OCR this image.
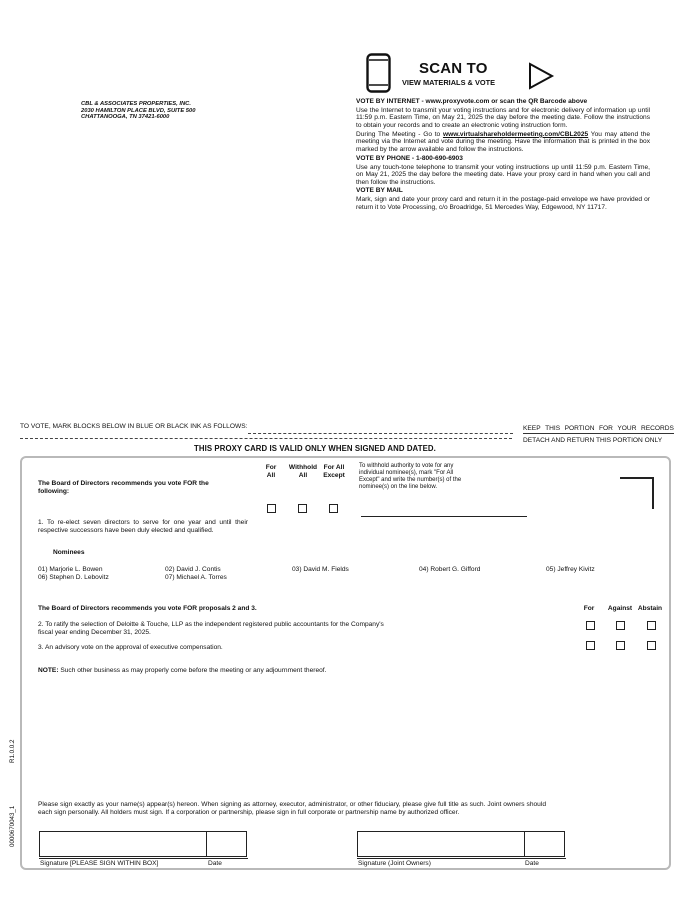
CBL & ASSOCIATES PROPERTIES, INC.
2030 HAMILTON PLACE BLVD, SUITE 500
CHATTANOOGA, TN 37421-6000
SCAN TO
VIEW MATERIALS & VOTE

VOTE BY INTERNET - www.proxyvote.com or scan the QR Barcode above

Use the Internet to transmit your voting instructions and for electronic delivery of information up until 11:59 p.m. Eastern Time, on May 21, 2025 the day before the meeting date. Follow the instructions to obtain your records and to create an electronic voting instruction form.

During The Meeting - Go to www.virtualshareholdermeeting.com/CBL2025 You may attend the meeting via the Internet and vote during the meeting. Have the information that is printed in the box marked by the arrow available and follow the instructions.

VOTE BY PHONE - 1-800-690-6903

Use any touch-tone telephone to transmit your voting instructions up until 11:59 p.m. Eastern Time, on May 21, 2025 the day before the meeting date. Have your proxy card in hand when you call and then follow the instructions.

VOTE BY MAIL

Mark, sign and date your proxy card and return it in the postage-paid envelope we have provided or return it to Vote Processing, c/o Broadridge, 51 Mercedes Way, Edgewood, NY 11717.

TO VOTE, MARK BLOCKS BELOW IN BLUE OR BLACK INK AS FOLLOWS:	KEEP THIS PORTION FOR YOUR RECORDS
DETACH AND RETURN THIS PORTION ONLY
THIS PROXY CARD IS VALID ONLY WHEN SIGNED AND DATED.
The Board of Directors recommends you vote FOR the following:
For All
Withhold All
For All Except
To withhold authority to vote for any individual nominee(s), mark "For All Except" and write the number(s) of the nominee(s) on the line below.
1. To re-elect seven directors to serve for one year and until their respective successors have been duly elected and qualified.
Nominees
01) Marjorie L. Bowen	02) David J. Contis	03) David M. Fields	04) Robert G. Gifford	05) Jeffrey Kivitz
06) Stephen D. Lebovitz	07) Michael A. Torres
The Board of Directors recommends you vote FOR proposals 2 and 3.	For	Against Abstain
2. To ratify the selection of Deloitte & Touche, LLP as the independent registered public accountants for the Company's fiscal year ending December 31, 2025.
3. An advisory vote on the approval of executive compensation.
NOTE: Such other business as may properly come before the meeting or any adjournment thereof.
Please sign exactly as your name(s) appear(s) hereon. When signing as attorney, executor, administrator, or other fiduciary, please give full title as such. Joint owners should each sign personally. All holders must sign. If a corporation or partnership, please sign in full corporate or partnership name by authorized officer.
Signature [PLEASE SIGN WITHIN BOX]	Date	Signature (Joint Owners)	Date
0000670043_1
R1.0.0.2
